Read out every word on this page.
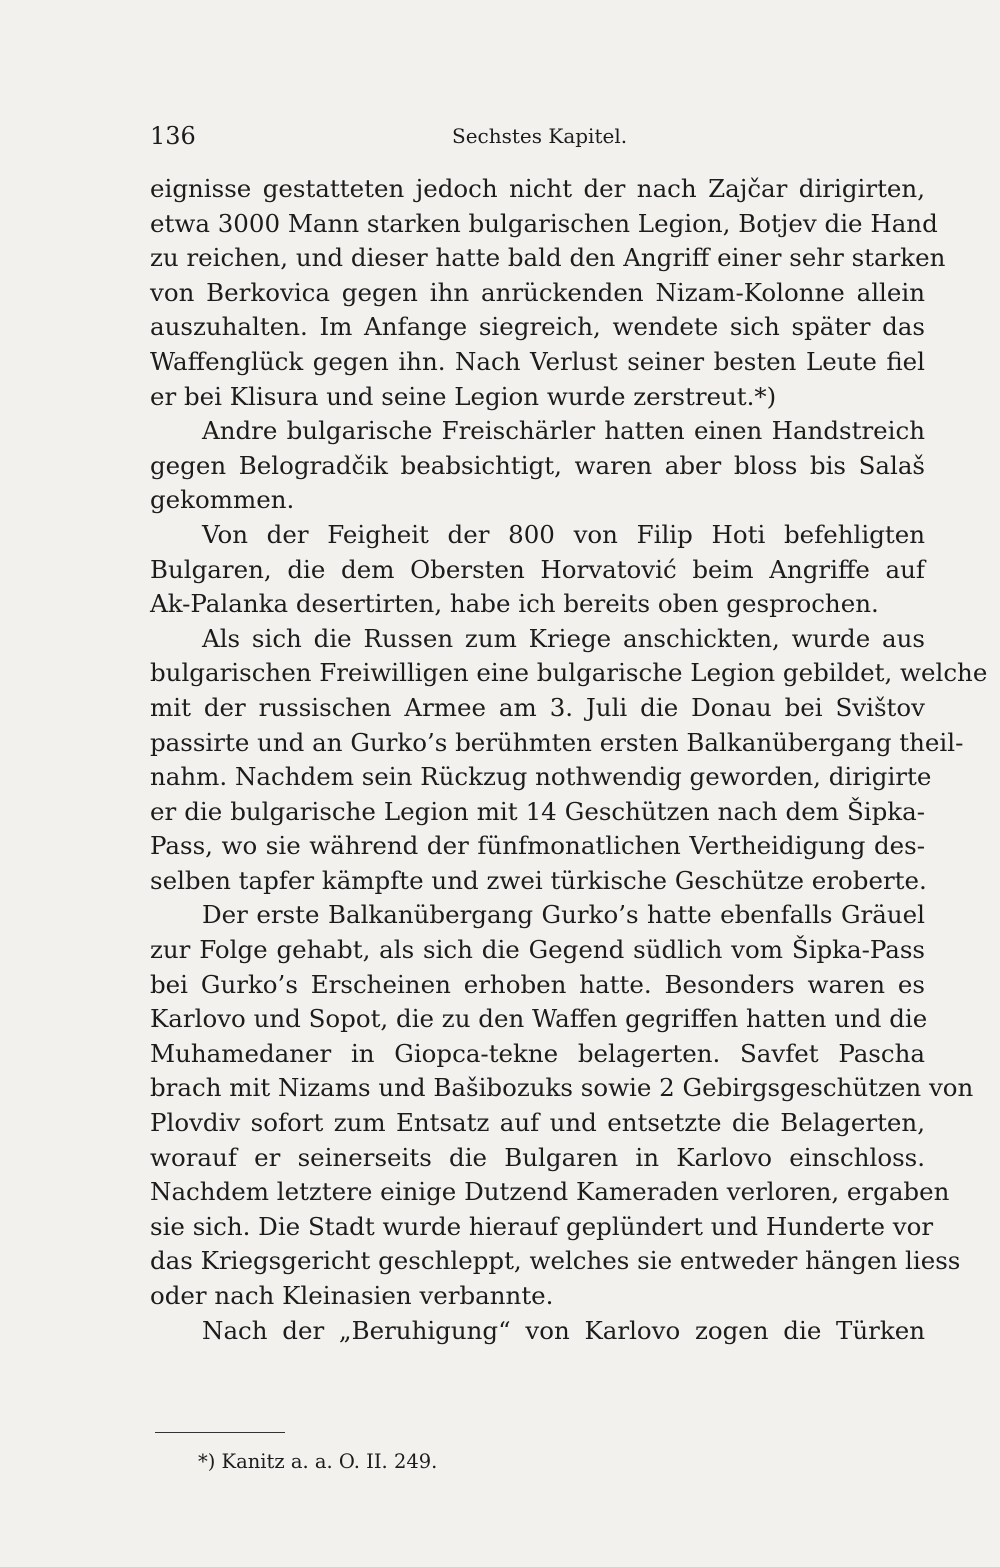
136	Sechstes Kapitel.
eignisse gestatteten jedoch nicht der nach Zajčar dirigirten,
etwa 3000 Mann starken bulgarischen Legion, Botjev die Hand
zu reichen, und dieser hatte bald den Angriff einer sehr starken
von Berkovica gegen ihn anrückenden Nizam-Kolonne allein
auszuhalten. Im Anfange siegreich, wendete sich später das
Waffenglück gegen ihn. Nach Verlust seiner besten Leute fiel
er bei Klisura und seine Legion wurde zerstreut.*)
Andre bulgarische Freischärler hatten einen Handstreich
gegen Belogradčik beabsichtigt, waren aber bloss bis Salaš
gekommen.
Von der Feigheit der 800 von Filip Hoti befehligten
Bulgaren, die dem Obersten Horvatović beim Angriffe auf
Ak-Palanka desertirten, habe ich bereits oben gesprochen.
Als sich die Russen zum Kriege anschickten, wurde aus
bulgarischen Freiwilligen eine bulgarische Legion gebildet, welche
mit der russischen Armee am 3. Juli die Donau bei Svištov
passirte und an Gurko’s berühmten ersten Balkanübergang theil-
nahm. Nachdem sein Rückzug nothwendig geworden, dirigirte
er die bulgarische Legion mit 14 Geschützen nach dem Šipka-
Pass, wo sie während der fünfmonatlichen Vertheidigung des-
selben tapfer kämpfte und zwei türkische Geschütze eroberte.
Der erste Balkanübergang Gurko’s hatte ebenfalls Gräuel
zur Folge gehabt, als sich die Gegend südlich vom Šipka-Pass
bei Gurko’s Erscheinen erhoben hatte. Besonders waren es
Karlovo und Sopot, die zu den Waffen gegriffen hatten und die
Muhamedaner in Giopca-tekne belagerten. Savfet Pascha
brach mit Nizams und Bašibozuks sowie 2 Gebirgsgeschützen von
Plovdiv sofort zum Entsatz auf und entsetzte die Belagerten,
worauf er seinerseits die Bulgaren in Karlovo einschloss.
Nachdem letztere einige Dutzend Kameraden verloren, ergaben
sie sich. Die Stadt wurde hierauf geplündert und Hunderte vor
das Kriegsgericht geschleppt, welches sie entweder hängen liess
oder nach Kleinasien verbannte.
Nach der „Beruhigung“ von Karlovo zogen die Türken
*) Kanitz a. a. O. II. 249.
